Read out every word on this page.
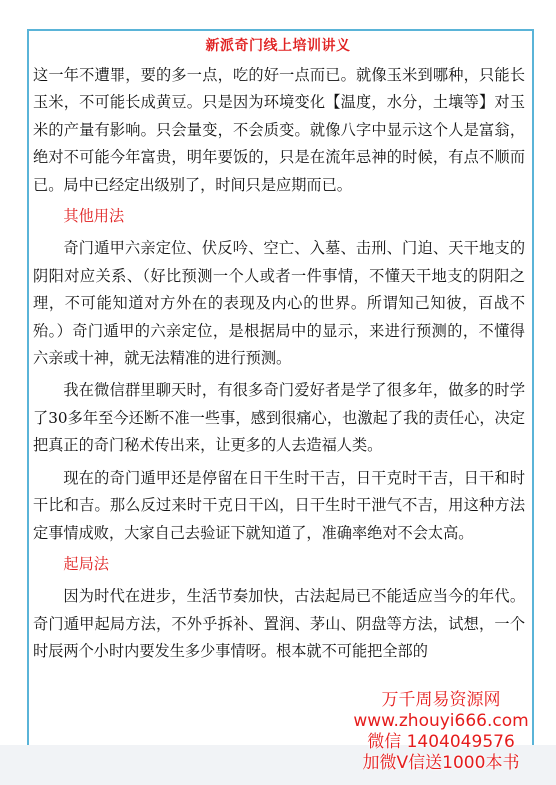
新派奇门线上培训讲义

这一年不遭罪，要的多一点，吃的好一点而已。就像玉米到哪种，只能长玉米，不可能长成黄豆。只是因为环境变化【温度，水分，土壤等】对玉米的产量有影响。只会量变，不会质变。就像八字中显示这个人是富翁，绝对不可能今年富贵，明年要饭的，只是在流年忌神的时候，有点不顺而已。局中已经定出级别了，时间只是应期而已。

其他用法

奇门遁甲六亲定位、伏反吟、空亡、入墓、击刑、门迫、天干地支的阴阳对应关系、（好比预测一个人或者一件事情，不懂天干地支的阴阳之理，不可能知道对方外在的表现及内心的世界。所谓知己知彼，百战不殆。）奇门遁甲的六亲定位，是根据局中的显示，来进行预测的，不懂得六亲或十神，就无法精准的进行预测。

我在微信群里聊天时，有很多奇门爱好者是学了很多年，做多的时学了30多年至今还断不准一些事，感到很痛心，也激起了我的责任心，决定把真正的奇门秘术传出来，让更多的人去造福人类。

现在的奇门遁甲还是停留在日干生时干吉，日干克时干吉，日干和时干比和吉。那么反过来时干克日干凶，日干生时干泄气不吉，用这种方法定事情成败，大家自己去验证下就知道了，准确率绝对不会太高。

起局法

因为时代在进步，生活节奏加快，古法起局已不能适应当今的年代。奇门遁甲起局方法，不外乎拆补、置润、茅山、阴盘等方法，试想，一个时辰两个小时内要发生多少事情呀。根本就不可能把全部的

万千周易资源网
www.zhouyi666.com
微信 1404049576
加微V信送1000本书
